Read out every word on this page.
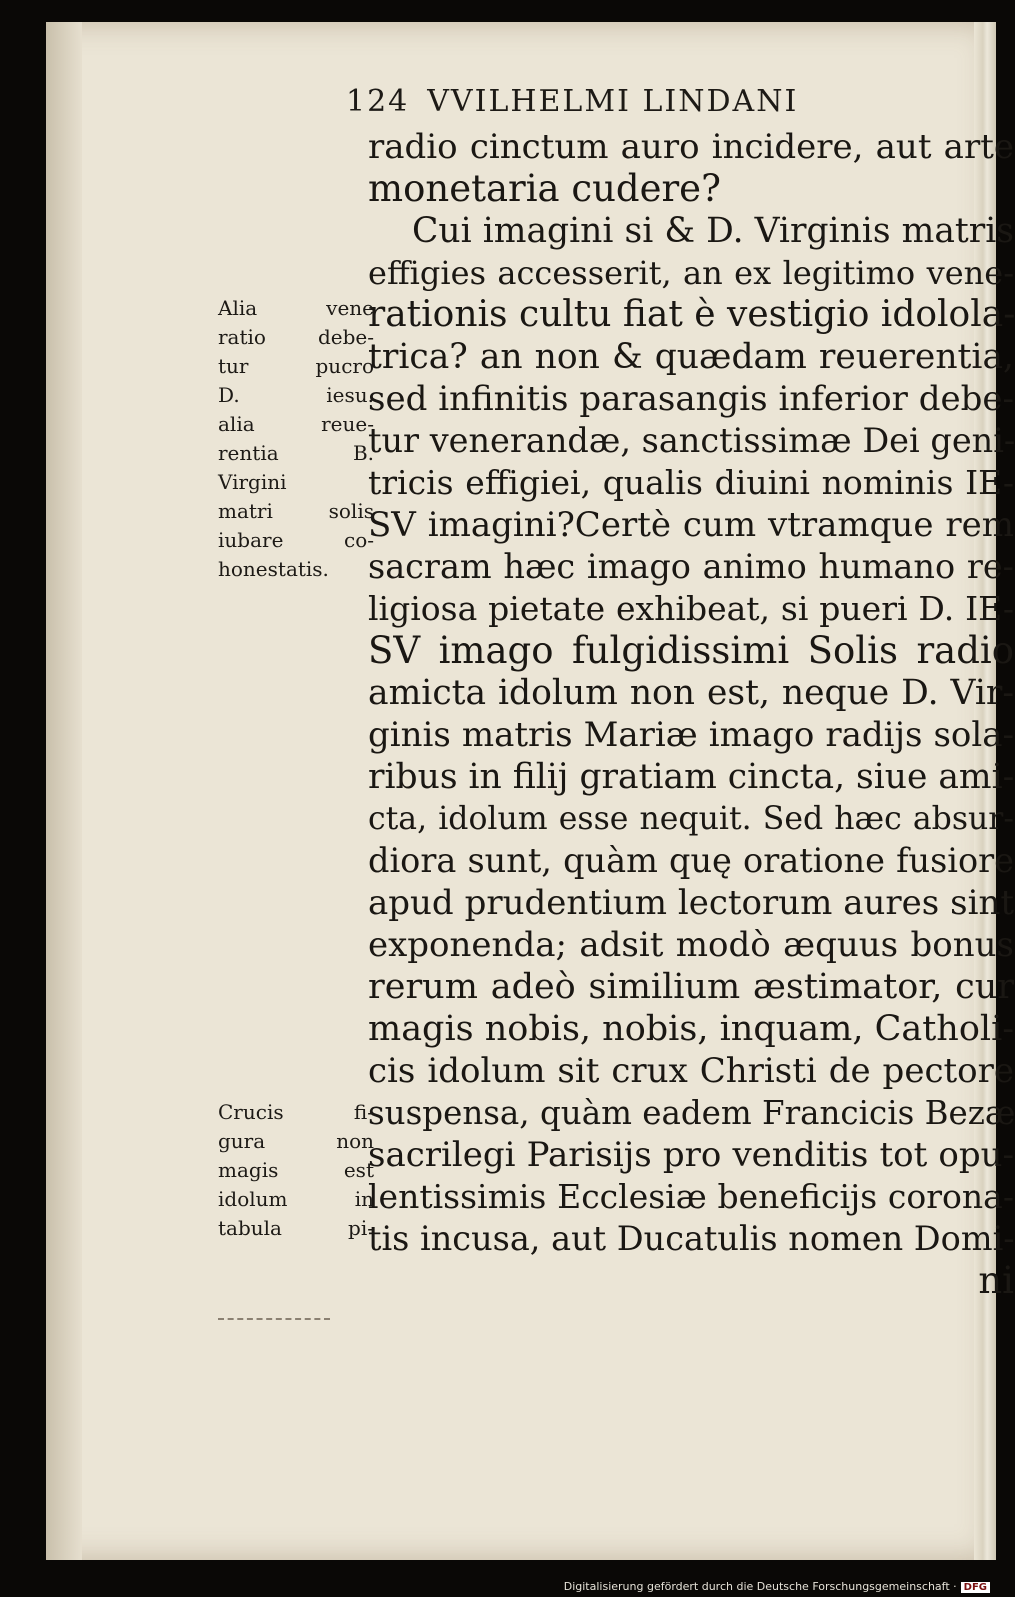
124 VVILHELMI LINDANI
radio cinctum auro incidere, aut arte
monetaria cudere?
Cui imagini si & D. Virginis matris
effigies accesserit, an ex legitimo vene-
rationis cultu fiat è vestigio idolola-
trica? an non & quædam reuerentia,
sed infinitis parasangis inferior debe-
tur venerandæ, sanctissimæ Dei geni-
tricis effigiei, qualis diuini nominis IE-
SV imagini?Certè cum vtramque rem
sacram hæc imago animo humano re-
ligiosa pietate exhibeat, si pueri D. IE-
SV imago fulgidissimi Solis radio
amicta idolum non est, neque D. Vir-
ginis matris Mariæ imago radijs sola-
ribus in filij gratiam cincta, siue ami-
cta, idolum esse nequit. Sed hæc absur-
diora sunt, quàm quę oratione fusiore
apud prudentium lectorum aures sint
exponenda; adsit modò æquus bonus
rerum adeò similium æstimator, cur
magis nobis, nobis, inquam, Catholi-
cis idolum sit crux Christi de pectore
suspensa, quàm eadem Francicis Bezæ
sacrilegi Parisijs pro venditis tot opu-
lentissimis Ecclesiæ beneficijs corona-
tis incusa, aut Ducatulis nomen Domi-
ni
Alia vene
ratio debe-
tur pucro
D. iesu.
alia reue-
rentia B.
Virgini
matri solis
iubare co-
honestatis.
Crucis fi-
gura non
magis est
idolum in
tabula pi-
Digitalisierung gefördert durch die Deutsche Forschungsgemeinschaft · DFG
